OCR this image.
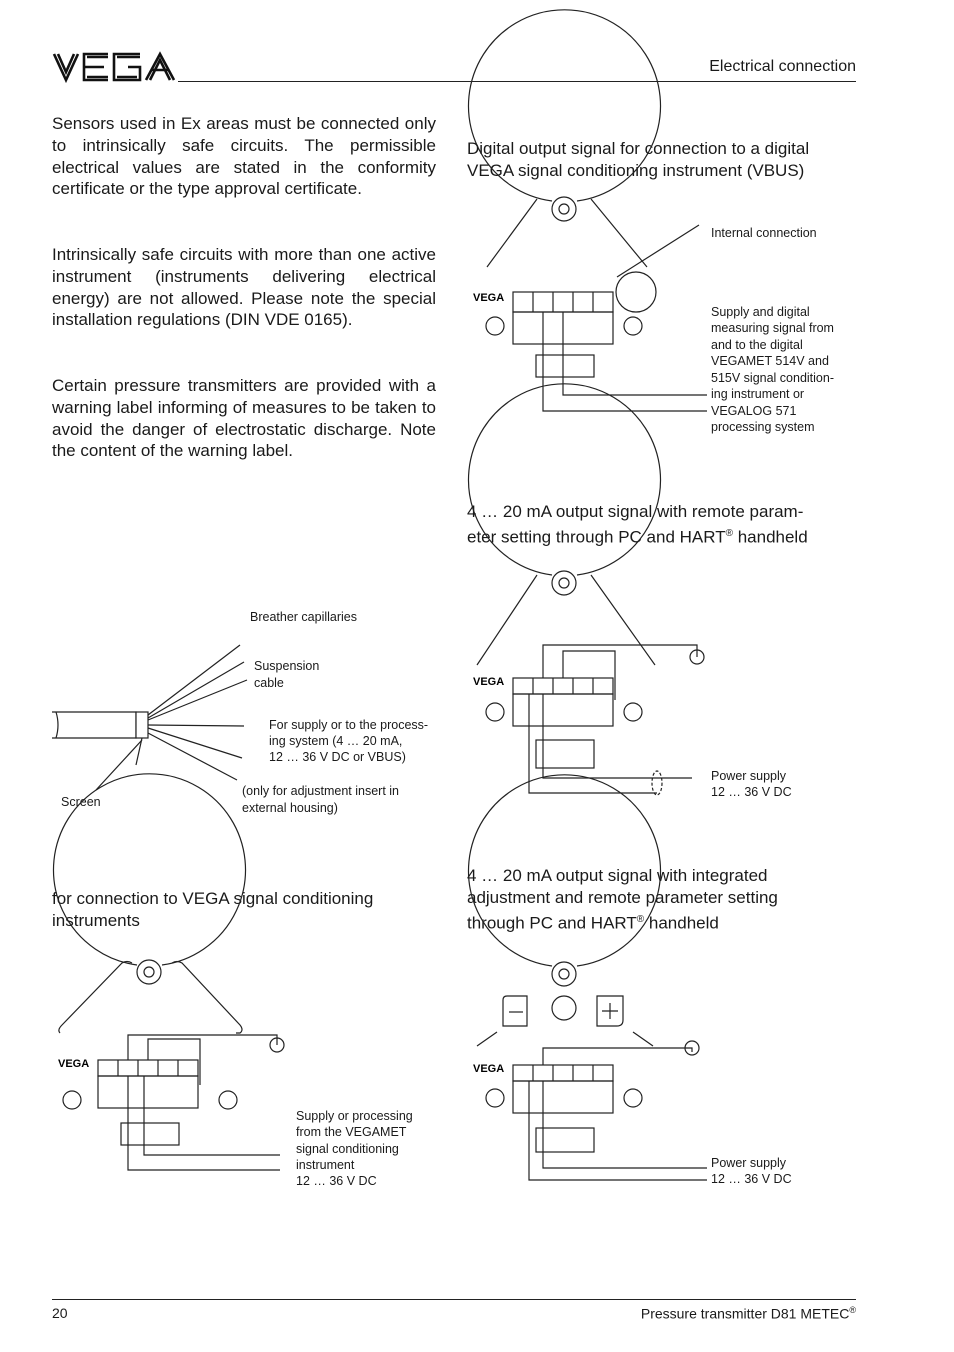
Electrical connection

Sensors used in Ex areas must be connected only to intrinsically safe circuits. The permissible electrical values are stated in the conformity certificate or the type approval certificate.

Intrinsically safe circuits with more than one active instrument (instruments delivering electrical energy) are not allowed. Please note the special installation regulations (DIN VDE 0165).

Certain pressure transmitters are provided with a warning label informing of measures to be taken to avoid the danger of electrostatic discharge. Note the content of the warning label.

Breather capillaries
Suspension
cable
For supply or to the process-
ing system (4 … 20 mA,
12 … 36 V DC or VBUS)
(only for adjustment insert in
external housing)
Screen

for connection to VEGA signal conditioning

instruments

VEGA
Supply or processing
from the VEGAMET
signal conditioning
instrument
12 … 36 V DC

Digital output signal for connection to a digital

VEGA signal conditioning instrument (VBUS)

VEGA
Internal connection
Supply and digital
measuring signal from
and to the digital
VEGAMET 514V and
515V signal condition-
ing instrument or
VEGALOG 571
processing system

4 … 20 mA output signal with remote param-

eter setting through PC and HART® handheld

VEGA
Power supply
12 … 36 V DC

4 … 20 mA output signal with integrated

adjustment and remote parameter setting

through PC and HART® handheld

VEGA
Power supply
12 … 36 V DC
20	Pressure transmitter D81 METEC®
